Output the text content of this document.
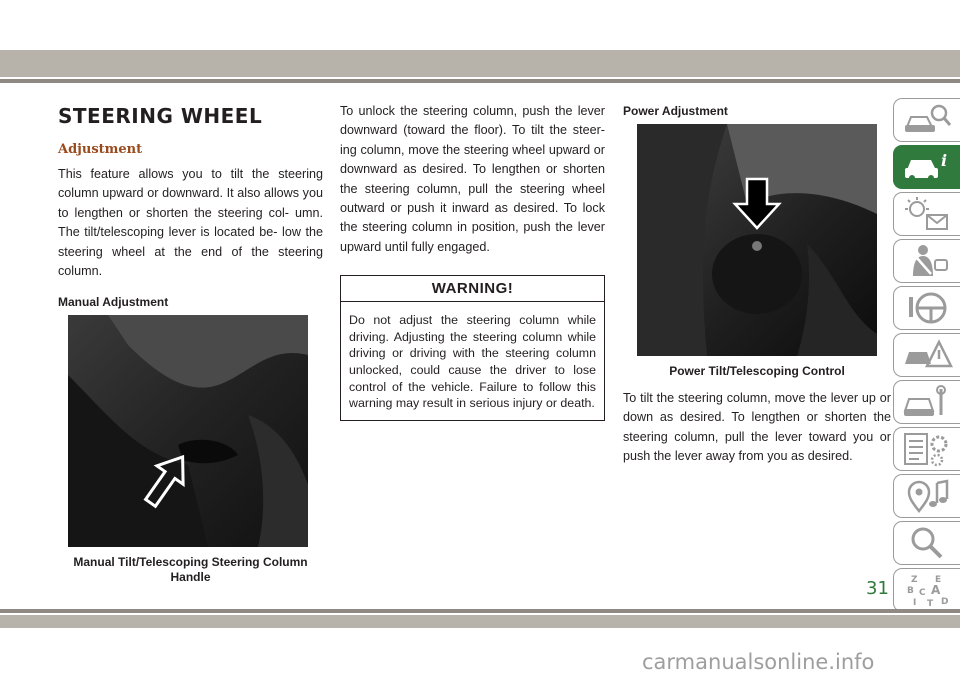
STEERING WHEEL
Adjustment

This feature allows you to tilt the steering column upward or downward. It also allows you to lengthen or shorten the steering col- umn. The tilt/telescoping lever is located be- low the steering wheel at the end of the steering column.

Manual Adjustment
Manual Tilt/Telescoping Steering Column
Handle

To unlock the steering column, push the lever downward (toward the floor). To tilt the steer- ing column, move the steering wheel upward or downward as desired. To lengthen or shorten the steering column, pull the steering wheel outward or push it inward as desired. To lock the steering column in position, push the lever upward until fully engaged.

WARNING!
Do not adjust the steering column while driving. Adjusting the steering column while driving or driving with the steering column unlocked, could cause the driver to lose control of the vehicle. Failure to follow this warning may result in serious injury or death.
Power Adjustment
Power Tilt/Telescoping Control

To tilt the steering column, move the lever up or down as desired. To lengthen or shorten the steering column, pull the lever toward you or push the lever away from you as desired.

i
Z E
B A
C
D
I T
31
carmanualsonline.info
